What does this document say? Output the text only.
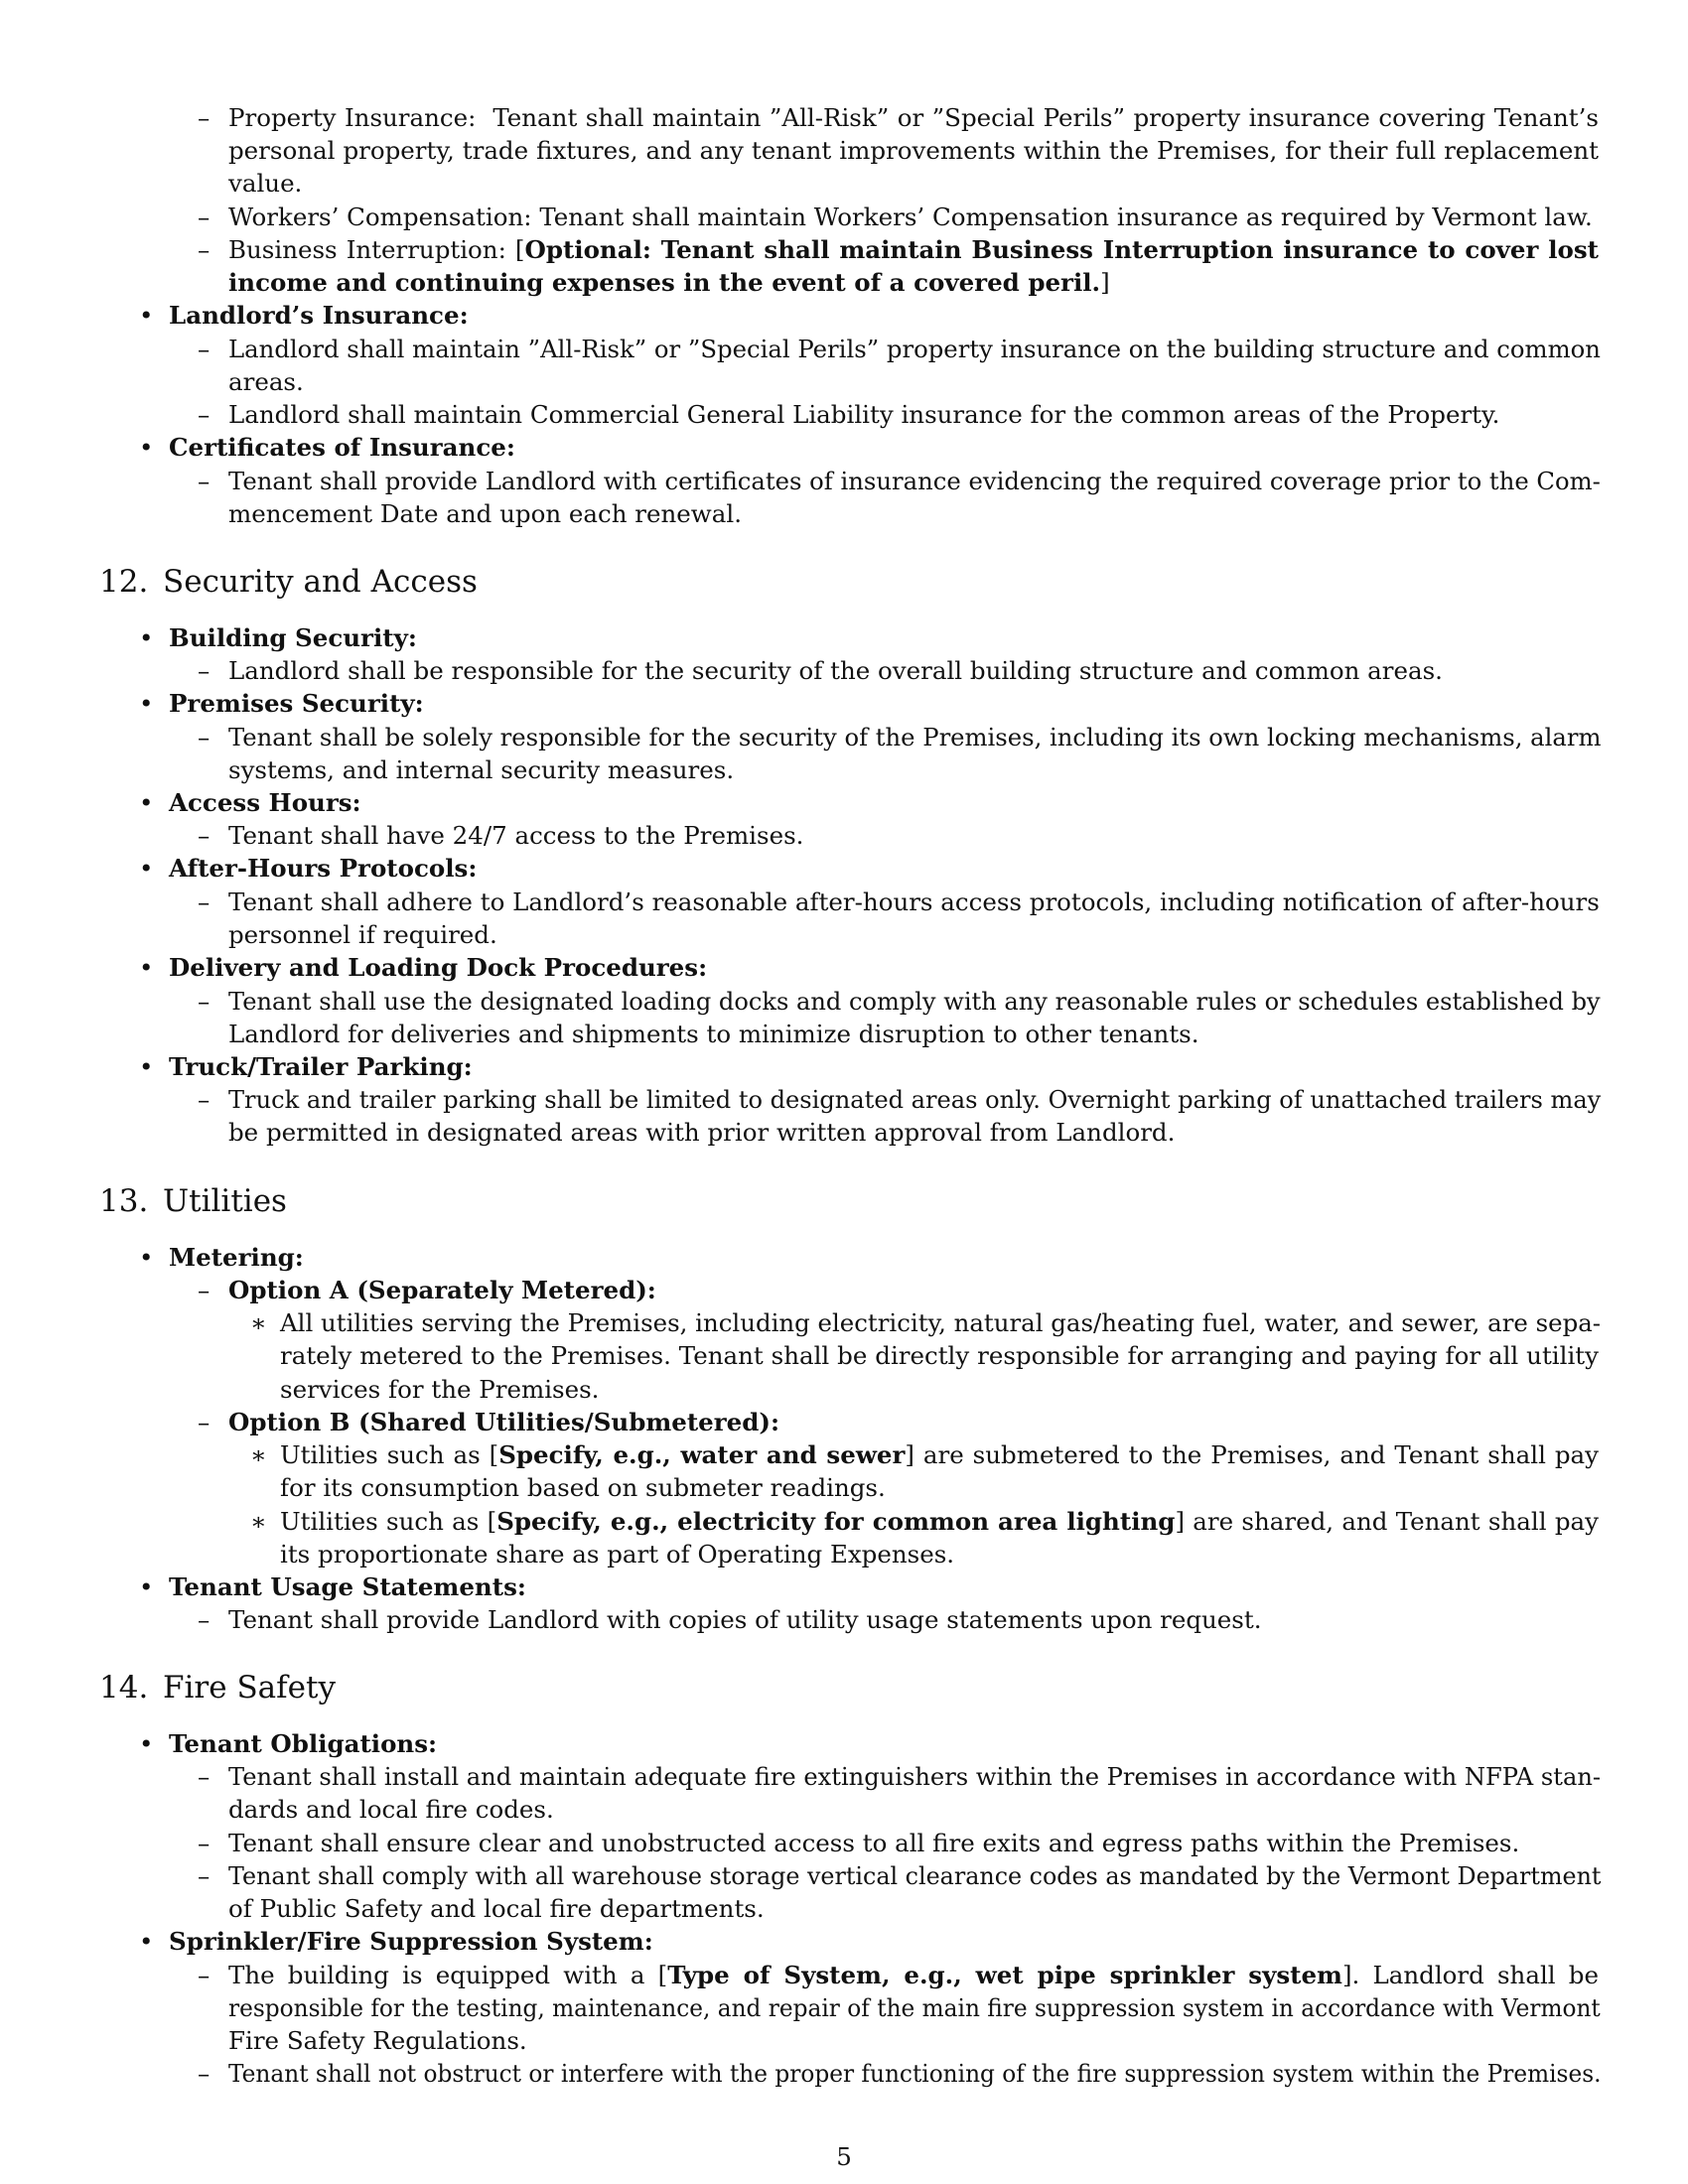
– Property Insurance: Tenant shall maintain ”All-Risk” or ”Special Perils” property insurance covering Tenant’s
personal property, trade fixtures, and any tenant improvements within the Premises, for their full replacement
value.
– Workers’ Compensation: Tenant shall maintain Workers’ Compensation insurance as required by Vermont law.
– Business Interruption: [Optional: Tenant shall maintain Business Interruption insurance to cover lost
income and continuing expenses in the event of a covered peril.]
• Landlord’s Insurance:
– Landlord shall maintain ”All-Risk” or ”Special Perils” property insurance on the building structure and common
areas.
– Landlord shall maintain Commercial General Liability insurance for the common areas of the Property.
• Certificates of Insurance:
– Tenant shall provide Landlord with certificates of insurance evidencing the required coverage prior to the Com-
mencement Date and upon each renewal.
12. Security and Access
• Building Security:
– Landlord shall be responsible for the security of the overall building structure and common areas.
• Premises Security:
– Tenant shall be solely responsible for the security of the Premises, including its own locking mechanisms, alarm
systems, and internal security measures.
• Access Hours:
– Tenant shall have 24/7 access to the Premises.
• After-Hours Protocols:
– Tenant shall adhere to Landlord’s reasonable after-hours access protocols, including notification of after-hours
personnel if required.
• Delivery and Loading Dock Procedures:
– Tenant shall use the designated loading docks and comply with any reasonable rules or schedules established by
Landlord for deliveries and shipments to minimize disruption to other tenants.
• Truck/Trailer Parking:
– Truck and trailer parking shall be limited to designated areas only. Overnight parking of unattached trailers may
be permitted in designated areas with prior written approval from Landlord.
13. Utilities
• Metering:
– Option A (Separately Metered):
∗ All utilities serving the Premises, including electricity, natural gas/heating fuel, water, and sewer, are sepa-
rately metered to the Premises. Tenant shall be directly responsible for arranging and paying for all utility
services for the Premises.
– Option B (Shared Utilities/Submetered):
∗ Utilities such as [Specify, e.g., water and sewer] are submetered to the Premises, and Tenant shall pay
for its consumption based on submeter readings.
∗ Utilities such as [Specify, e.g., electricity for common area lighting] are shared, and Tenant shall pay
its proportionate share as part of Operating Expenses.
• Tenant Usage Statements:
– Tenant shall provide Landlord with copies of utility usage statements upon request.
14. Fire Safety
• Tenant Obligations:
– Tenant shall install and maintain adequate fire extinguishers within the Premises in accordance with NFPA stan-
dards and local fire codes.
– Tenant shall ensure clear and unobstructed access to all fire exits and egress paths within the Premises.
– Tenant shall comply with all warehouse storage vertical clearance codes as mandated by the Vermont Department
of Public Safety and local fire departments.
• Sprinkler/Fire Suppression System:
– The building is equipped with a [Type of System, e.g., wet pipe sprinkler system]. Landlord shall be
responsible for the testing, maintenance, and repair of the main fire suppression system in accordance with Vermont
Fire Safety Regulations.
– Tenant shall not obstruct or interfere with the proper functioning of the fire suppression system within the Premises.
5
